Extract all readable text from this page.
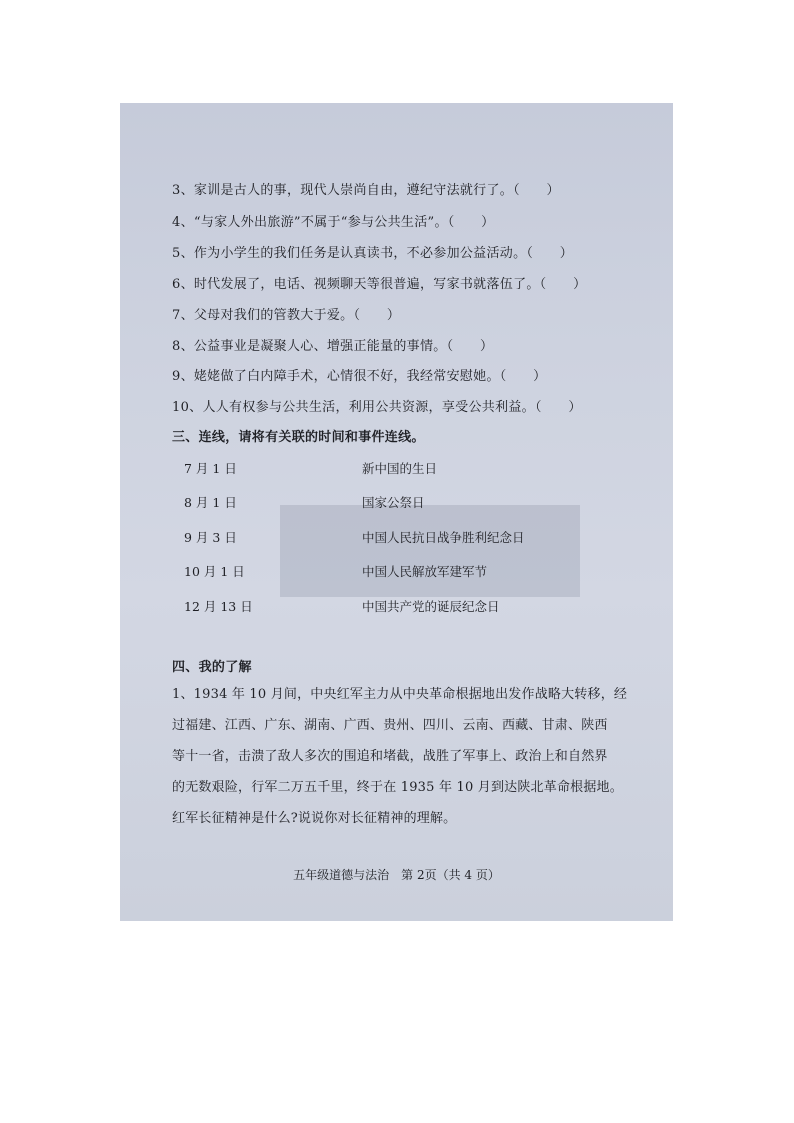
3、家训是古人的事，现代人崇尚自由，遵纪守法就行了。（　　）
4、“与家人外出旅游”不属于“参与公共生活”。（　　）
5、作为小学生的我们任务是认真读书，不必参加公益活动。（　　）
6、时代发展了，电话、视频聊天等很普遍，写家书就落伍了。（　　）
7、父母对我们的管教大于爱。（　　）
8、公益事业是凝聚人心、增强正能量的事情。（　　）
9、姥姥做了白内障手术，心情很不好，我经常安慰她。（　　）
10、人人有权参与公共生活，利用公共资源，享受公共利益。（　　）
三、连线，请将有关联的时间和事件连线。
7 月 1 日
8 月 1 日
9 月 3 日
10 月 1 日
12 月 13 日
新中国的生日
国家公祭日
中国人民抗日战争胜利纪念日
中国人民解放军建军节
中国共产党的诞辰纪念日
四、我的了解
1、1934 年 10 月间，中央红军主力从中央革命根据地出发作战略大转移，经
过福建、江西、广东、湖南、广西、贵州、四川、云南、西藏、甘肃、陕西
等十一省，击溃了敌人多次的围追和堵截，战胜了军事上、政治上和自然界
的无数艰险，行军二万五千里，终于在 1935 年 10 月到达陕北革命根据地。
红军长征精神是什么?说说你对长征精神的理解。
五年级道德与法治　第 2页（共 4 页）
